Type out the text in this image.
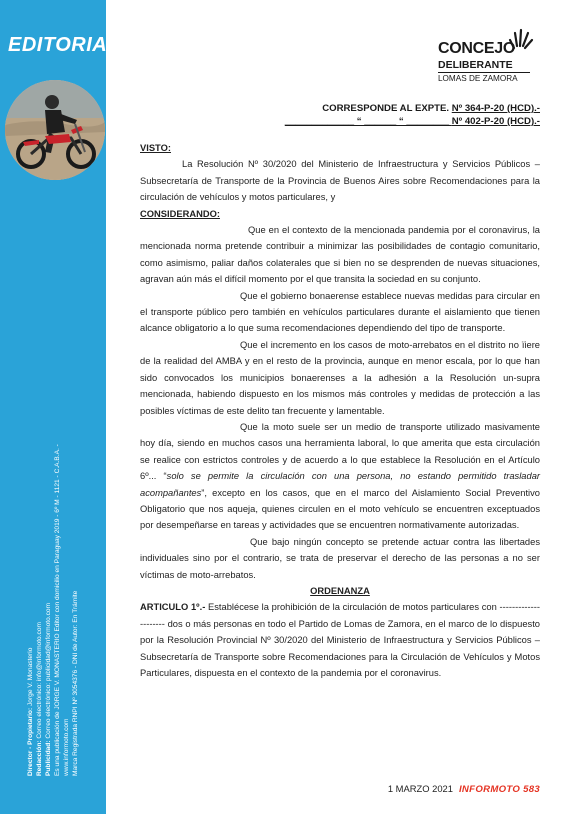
EDITORIAL
Director - Propietario: Jorge V. Monasterio
Redacción: Correo electrónico: info@informoto.com
Publicidad: Correo electrónico: publicidad@informoto.com Es una publicación de JORGE V. MONASTERIO Editor con domicilio en Paraguay 2019 - 6º M - 1121 - C.A.B.A. - www.informoto.com Marca Registrada RNPI Nº 3054376 - DNI de Autor: En Trámite
CONCEJO
DELIBERANTE
LOMAS DE ZAMORA
CORRESPONDE AL EXPTE. Nº 364-P-20 (HCD).-
_____________ “ ______ “ ________ Nº 402-P-20 (HCD).-

VISTO:

La Resolución Nº 30/2020 del Ministerio de Infraestructura y Servicios Públicos – Subsecretaría de Transporte de la Provincia de Buenos Aires sobre Recomendaciones para la circulación de vehículos y motos particulares, y

CONSIDERANDO:

Que en el contexto de la mencionada pandemia por el coronavirus, la mencionada norma pretende contribuir a minimizar las posibilidades de contagio comunitario, como asimismo, paliar daños colaterales que si bien no se desprenden de nuevas situaciones, agravan aún más el difícil momento por el que transita la sociedad en su conjunto.

Que el gobierno bonaerense establece nuevas medidas para circular en el transporte público pero también en vehículos particulares durante el aislamiento que tienen alcance obligatorio a lo que suma recomendaciones dependiendo del tipo de transporte.

Que el incremento en los casos de moto-arrebatos en el distrito no ïiere de la realidad del AMBA y en el resto de la provincia, aunque en menor escala, por lo que han sido convocados los municipios bonaerenses a la adhesión a la Resolución un-supra mencionada, habiendo dispuesto en los mismos más controles y medidas de protección a las posibles víctimas de este delito tan frecuente y lamentable.

Que la moto suele ser un medio de transporte utilizado masivamente hoy día, siendo en muchos casos una herramienta laboral, lo que amerita que esta circulación se realice con estrictos controles y de acuerdo a lo que establece la Resolución en el Artículo 6º... “solo se permite la circulación con una persona, no estando permitido trasladar acompañantes”, excepto en los casos, que en el marco del Aislamiento Social Preventivo Obligatorio que nos aqueja, quienes circulen en el moto vehículo se encuentren exceptuados por desempeñarse en tareas y actividades que se encuentren normativamente autorizadas.

Que bajo ningún concepto se pretende actuar contra las libertades individuales sino por el contrario, se trata de preservar el derecho de las personas a no ser víctimas de moto-arrebatos.

ORDENANZA

ARTICULO 1º.- Establécese la prohibición de la circulación de motos particulares con --------------------- dos o más personas en todo el Partido de Lomas de Zamora, en el marco de lo dispuesto por la Resolución Provincial Nº 30/2020 del Ministerio de Infraestructura y Servicios Públicos – Subsecretaría de Transporte sobre Recomendaciones para la Circulación de Vehículos y Motos Particulares, dispuesta en el contexto de la pandemia por el coronavirus.

1 MARZO 2021 INFORMOTO 583
